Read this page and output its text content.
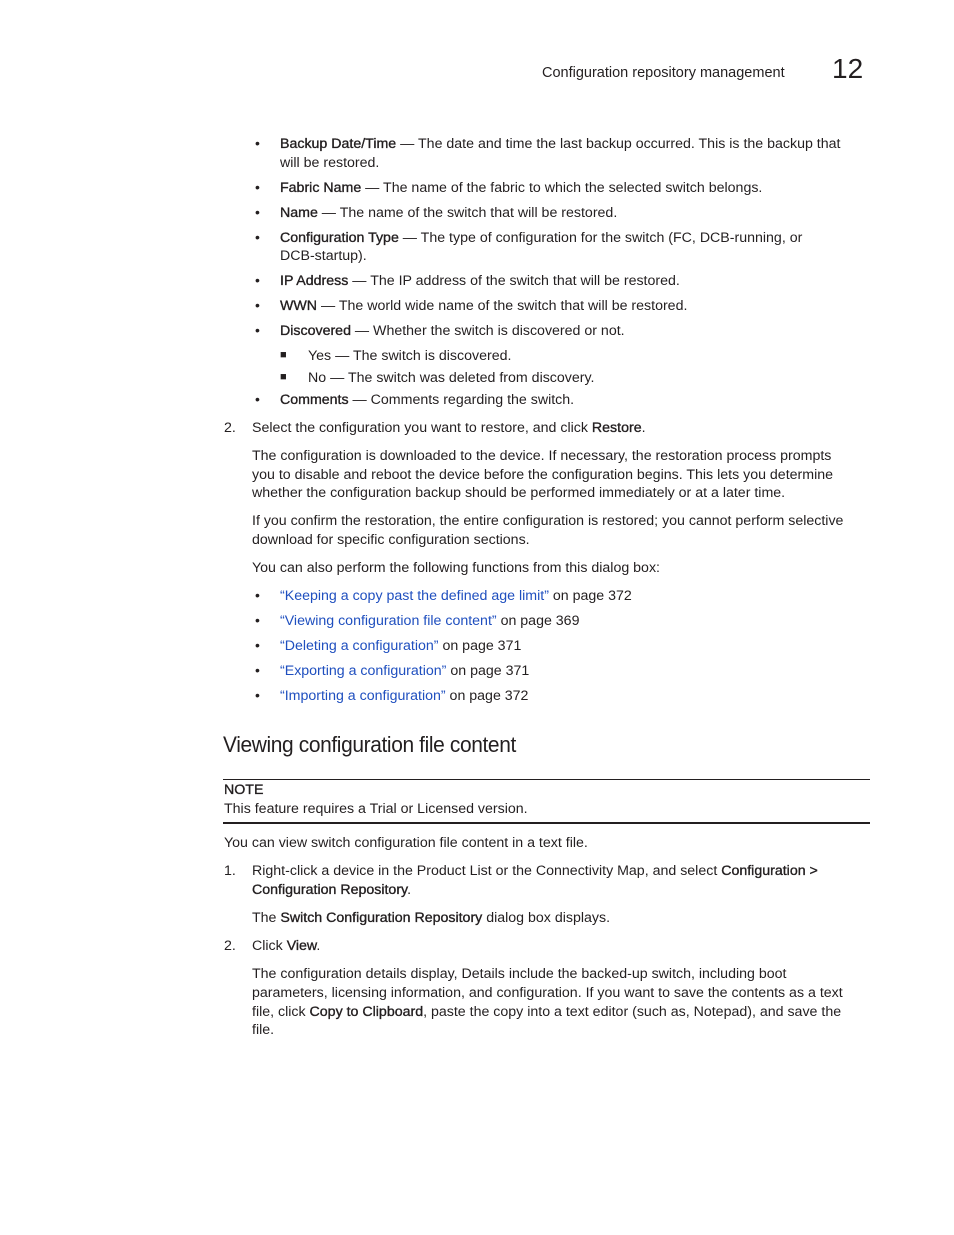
Configuration repository management 12
• Backup Date/Time — The date and time the last backup occurred. This is the backup that
will be restored.
• Fabric Name — The name of the fabric to which the selected switch belongs.
• Name — The name of the switch that will be restored.
• Configuration Type — The type of configuration for the switch (FC, DCB-running, or
DCB-startup).
• IP Address — The IP address of the switch that will be restored.
• WWN — The world wide name of the switch that will be restored.
• Discovered — Whether the switch is discovered or not.
■ Yes — The switch is discovered.
■ No — The switch was deleted from discovery.
• Comments — Comments regarding the switch.
2. Select the configuration you want to restore, and click Restore.
The configuration is downloaded to the device. If necessary, the restoration process prompts
you to disable and reboot the device before the configuration begins. This lets you determine
whether the configuration backup should be performed immediately or at a later time.
If you confirm the restoration, the entire configuration is restored; you cannot perform selective
download for specific configuration sections.
You can also perform the following functions from this dialog box:
• “Keeping a copy past the defined age limit” on page 372
• “Viewing configuration file content” on page 369
• “Deleting a configuration” on page 371
• “Exporting a configuration” on page 371
• “Importing a configuration” on page 372
Viewing configuration file content
NOTE
This feature requires a Trial or Licensed version.
You can view switch configuration file content in a text file.
1. Right-click a device in the Product List or the Connectivity Map, and select Configuration >
Configuration Repository.
The Switch Configuration Repository dialog box displays.
2. Click View.
The configuration details display, Details include the backed-up switch, including boot
parameters, licensing information, and configuration. If you want to save the contents as a text
file, click Copy to Clipboard, paste the copy into a text editor (such as, Notepad), and save the
file.
